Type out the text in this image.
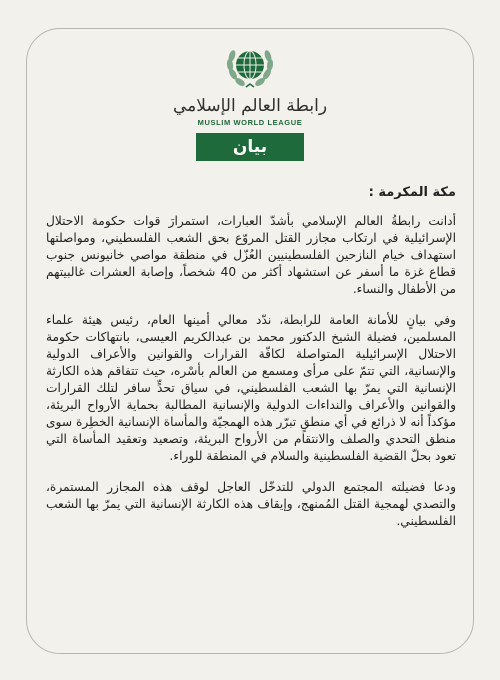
رابطة العالم الإسلامي
MUSLIM WORLD LEAGUE
بيان
مكة المكرمة :

أدانت رابطةُ العالم الإسلامي بأشدّ العبارات، استمرارَ قوات حكومة الاحتلال الإسرائيلية في ارتكاب مجازر القتل المروّع بحق الشعب الفلسطيني، ومواصلتها استهداف خيام النازحين الفلسطينيين العُزّل في منطقة مواصي خانيونس جنوب قطاع غزة ما أسفر عن استشهاد أكثر من 40 شخصاً، وإصابة العشرات غالبيتهم من الأطفال والنساء.

وفي بيانٍ للأمانة العامة للرابطة، ندّد معالي أمينها العام، رئيس هيئة علماء المسلمين، فضيلة الشيخ الدكتور محمد بن عبدالكريم العيسى، بانتهاكات حكومة الاحتلال الإسرائيلية المتواصلة لكافّة القرارات والقوانين والأعراف الدولية والإنسانية، التي تتمّ على مرأى ومسمع من العالم بأسْره، حيث تتفاقم هذه الكارثة الإنسانية التي يمرّ بها الشعب الفلسطيني، في سياق تحدٍّ سافر لتلك القرارات والقوانين والأعراف والنداءات الدولية والإنسانية المطالبة بحماية الأرواح البريئة، مؤكداً أنه لا ذرائع في أي منطقٍ تبرّر هذه الهمجيّة والمأساة الإنسانية الخطِرة سوى منطق التحدي والصلف والانتقام من الأرواح البريئة، وتصعيد وتعقيد المأساة التي تعود بحلّ القضية الفلسطينية والسلام في المنطقة للوراء.

ودعا فضيلته المجتمع الدولي للتدخّل العاجل لوقف هذه المجازر المستمرة، والتصدي لهمجية القتل المُمنهج، وإيقاف هذه الكارثة الإنسانية التي يمرّ بها الشعب الفلسطيني.
